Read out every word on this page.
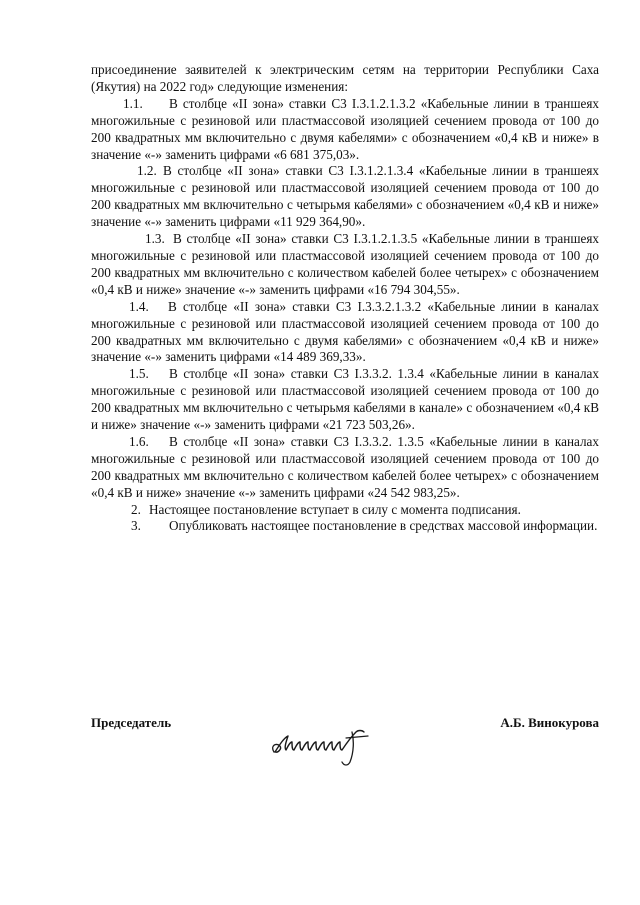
присоединение заявителей к электрическим сетям на территории Республики Саха (Якутия) на 2022 год» следующие изменения:

1.1. В столбце «II зона» ставки С3 I.3.1.2.1.3.2 «Кабельные линии в траншеях многожильные с резиновой или пластмассовой изоляцией сечением провода от 100 до 200 квадратных мм включительно с двумя кабелями» с обозначением «0,4 кВ и ниже» в значение «-» заменить цифрами «6 681 375,03».

1.2. В столбце «II зона» ставки С3 I.3.1.2.1.3.4 «Кабельные линии в траншеях многожильные с резиновой или пластмассовой изоляцией сечением провода от 100 до 200 квадратных мм включительно с четырьмя кабелями» с обозначением «0,4 кВ и ниже» значение «-» заменить цифрами «11 929 364,90».

1.3. В столбце «II зона» ставки С3 I.3.1.2.1.3.5 «Кабельные линии в траншеях многожильные с резиновой или пластмассовой изоляцией сечением провода от 100 до 200 квадратных мм включительно с количеством кабелей более четырех» с обозначением «0,4 кВ и ниже» значение «-» заменить цифрами «16 794 304,55».

1.4. В столбце «II зона» ставки С3 I.3.3.2.1.3.2 «Кабельные линии в каналах многожильные с резиновой или пластмассовой изоляцией сечением провода от 100 до 200 квадратных мм включительно с двумя кабелями» с обозначением «0,4 кВ и ниже» значение «-» заменить цифрами «14 489 369,33».

1.5. В столбце «II зона» ставки С3 I.3.3.2. 1.3.4 «Кабельные линии в каналах многожильные с резиновой или пластмассовой изоляцией сечением провода от 100 до 200 квадратных мм включительно с четырьмя кабелями в канале» с обозначением «0,4 кВ и ниже» значение «-» заменить цифрами «21 723 503,26».

1.6. В столбце «II зона» ставки С3 I.3.3.2. 1.3.5 «Кабельные линии в каналах многожильные с резиновой или пластмассовой изоляцией сечением провода от 100 до 200 квадратных мм включительно с количеством кабелей более четырех» с обозначением «0,4 кВ и ниже» значение «-» заменить цифрами «24 542 983,25».

2. Настоящее постановление вступает в силу с момента подписания.

3. Опубликовать настоящее постановление в средствах массовой информации.

Председатель	А.Б. Винокурова
